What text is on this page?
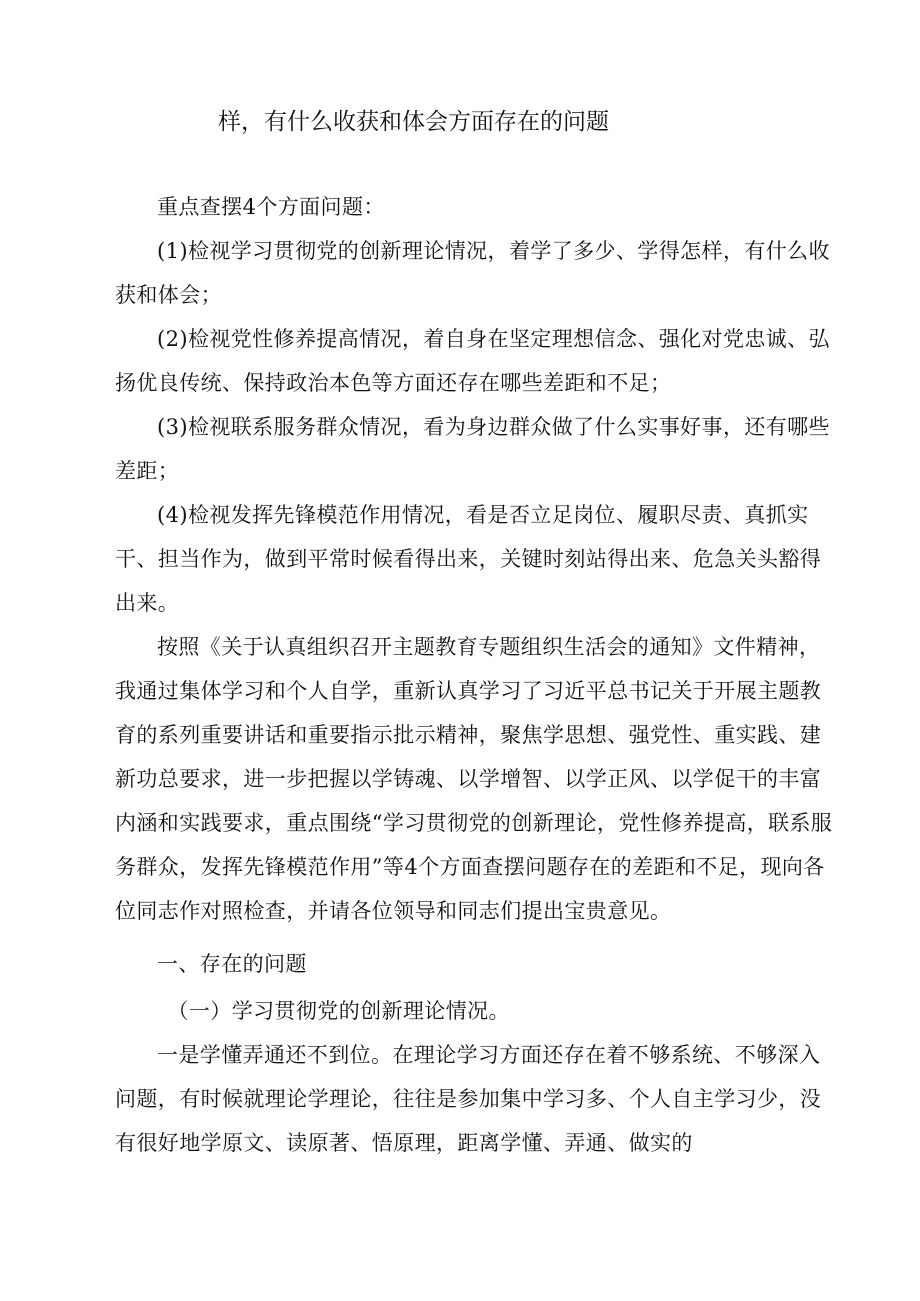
样，有什么收获和体会方面存在的问题

重点查摆4个方面问题：

(1)检视学习贯彻党的创新理论情况，着学了多少、学得怎样，有什么收获和体会；

(2)检视党性修养提高情况，着自身在坚定理想信念、强化对党忠诚、弘扬优良传统、保持政治本色等方面还存在哪些差距和不足；

(3)检视联系服务群众情况，看为身边群众做了什么实事好事，还有哪些差距；

(4)检视发挥先锋模范作用情况，看是否立足岗位、履职尽责、真抓实干、担当作为，做到平常时候看得出来，关键时刻站得出来、危急关头豁得出来。

按照《关于认真组织召开主题教育专题组织生活会的通知》文件精神，我通过集体学习和个人自学，重新认真学习了习近平总书记关于开展主题教育的系列重要讲话和重要指示批示精神，聚焦学思想、强党性、重实践、建新功总要求，进一步把握以学铸魂、以学增智、以学正风、以学促干的丰富内涵和实践要求，重点围绕“学习贯彻党的创新理论，党性修养提高，联系服务群众，发挥先锋模范作用”等4个方面查摆问题存在的差距和不足，现向各位同志作对照检查，并请各位领导和同志们提出宝贵意见。

一、存在的问题
（一）学习贯彻党的创新理论情况。

一是学懂弄通还不到位。在理论学习方面还存在着不够系统、不够深入问题，有时候就理论学理论，往往是参加集中学习多、个人自主学习少，没有很好地学原文、读原著、悟原理，距离学懂、弄通、做实的
